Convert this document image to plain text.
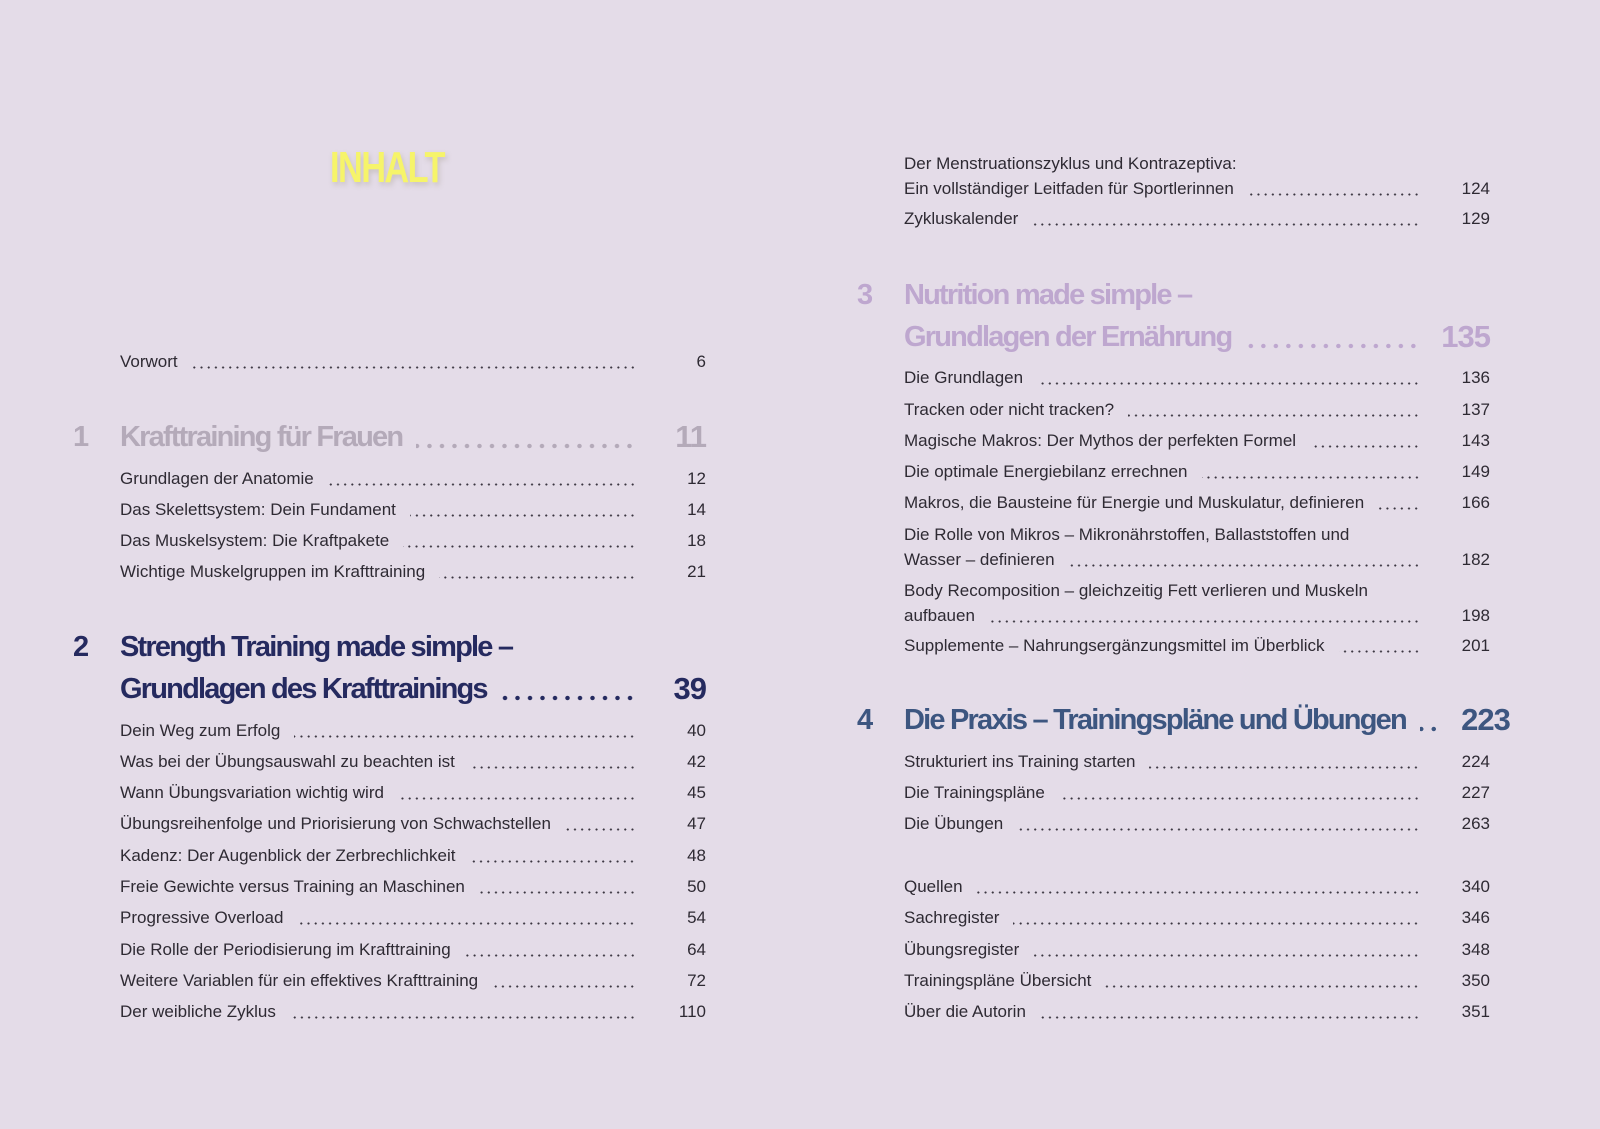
INHALT
Vorwort	6
1 Krafttraining für Frauen	11
Grundlagen der Anatomie	12
Das Skelettsystem: Dein Fundament	14
Das Muskelsystem: Die Kraftpakete	18
Wichtige Muskelgruppen im Krafttraining	21
2 Strength Training made simple –
Grundlagen des Krafttrainings	39
Dein Weg zum Erfolg	40
Was bei der Übungsauswahl zu beachten ist	42
Wann Übungsvariation wichtig wird	45
Übungsreihenfolge und Priorisierung von Schwachstellen	47
Kadenz: Der Augenblick der Zerbrechlichkeit	48
Freie Gewichte versus Training an Maschinen	50
Progressive Overload	54
Die Rolle der Periodisierung im Krafttraining	64
Weitere Variablen für ein effektives Krafttraining	72
Der weibliche Zyklus	110
Der Menstruationszyklus und Kontrazeptiva:
Ein vollständiger Leitfaden für Sportlerinnen	124
Zykluskalender	129
3 Nutrition made simple –
Grundlagen der Ernährung	135
Die Grundlagen	136
Tracken oder nicht tracken?	137
Magische Makros: Der Mythos der perfekten Formel	143
Die optimale Energiebilanz errechnen	149
Makros, die Bausteine für Energie und Muskulatur, definieren	166
Die Rolle von Mikros – Mikronährstoffen, Ballaststoffen und
Wasser – definieren	182
Body Recomposition – gleichzeitig Fett verlieren und Muskeln
aufbauen	198
Supplemente – Nahrungsergänzungsmittel im Überblick	201
4 Die Praxis – Trainingspläne und Übungen	223
Strukturiert ins Training starten	224
Die Trainingspläne	227
Die Übungen	263
Quellen	340
Sachregister	346
Übungsregister	348
Trainingspläne Übersicht	350
Über die Autorin	351
